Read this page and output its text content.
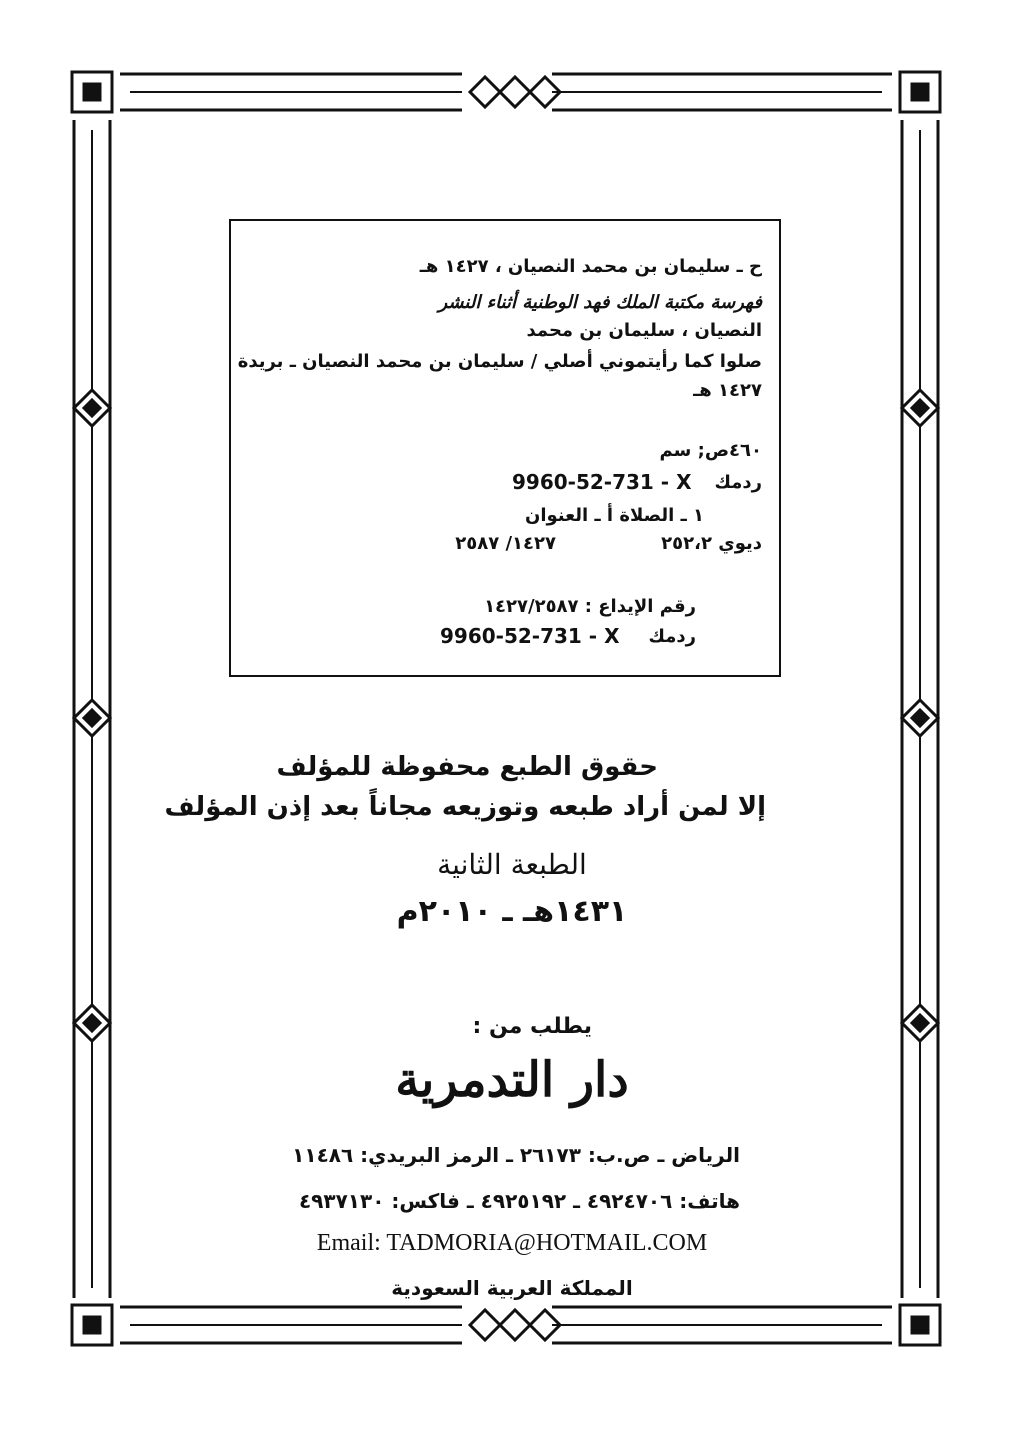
ح ـ سليمان بن محمد النصيان ، ١٤٢٧ هـ
فهرسة مكتبة الملك فهد الوطنية أثناء النشر
النصيان ، سليمان بن محمد
صلوا كما رأيتموني أصلي / سليمان بن محمد النصيان ـ بريدة
١٤٢٧ هـ
٤٦٠ص; سم
ردمك
9960-52-731 - X
١ ـ الصلاة أ ـ العنوان
ديوي ٢٥٢،٢
١٤٢٧/ ٢٥٨٧
رقم الإيداع : ١٤٢٧/٢٥٨٧
ردمك
9960-52-731 - X
حقوق الطبع محفوظة للمؤلف
إلا لمن أراد طبعه وتوزيعه مجاناً بعد إذن المؤلف
الطبعة الثانية
١٤٣١هـ ـ ٢٠١٠م
يطلب من :
دار التدمرية
الرياض ـ ص.ب: ٢٦١٧٣ ـ الرمز البريدي: ١١٤٨٦
هاتف: ٤٩٢٤٧٠٦ ـ ٤٩٢٥١٩٢ ـ فاكس: ٤٩٣٧١٣٠
Email: TADMORIA@HOTMAIL.COM
المملكة العربية السعودية
